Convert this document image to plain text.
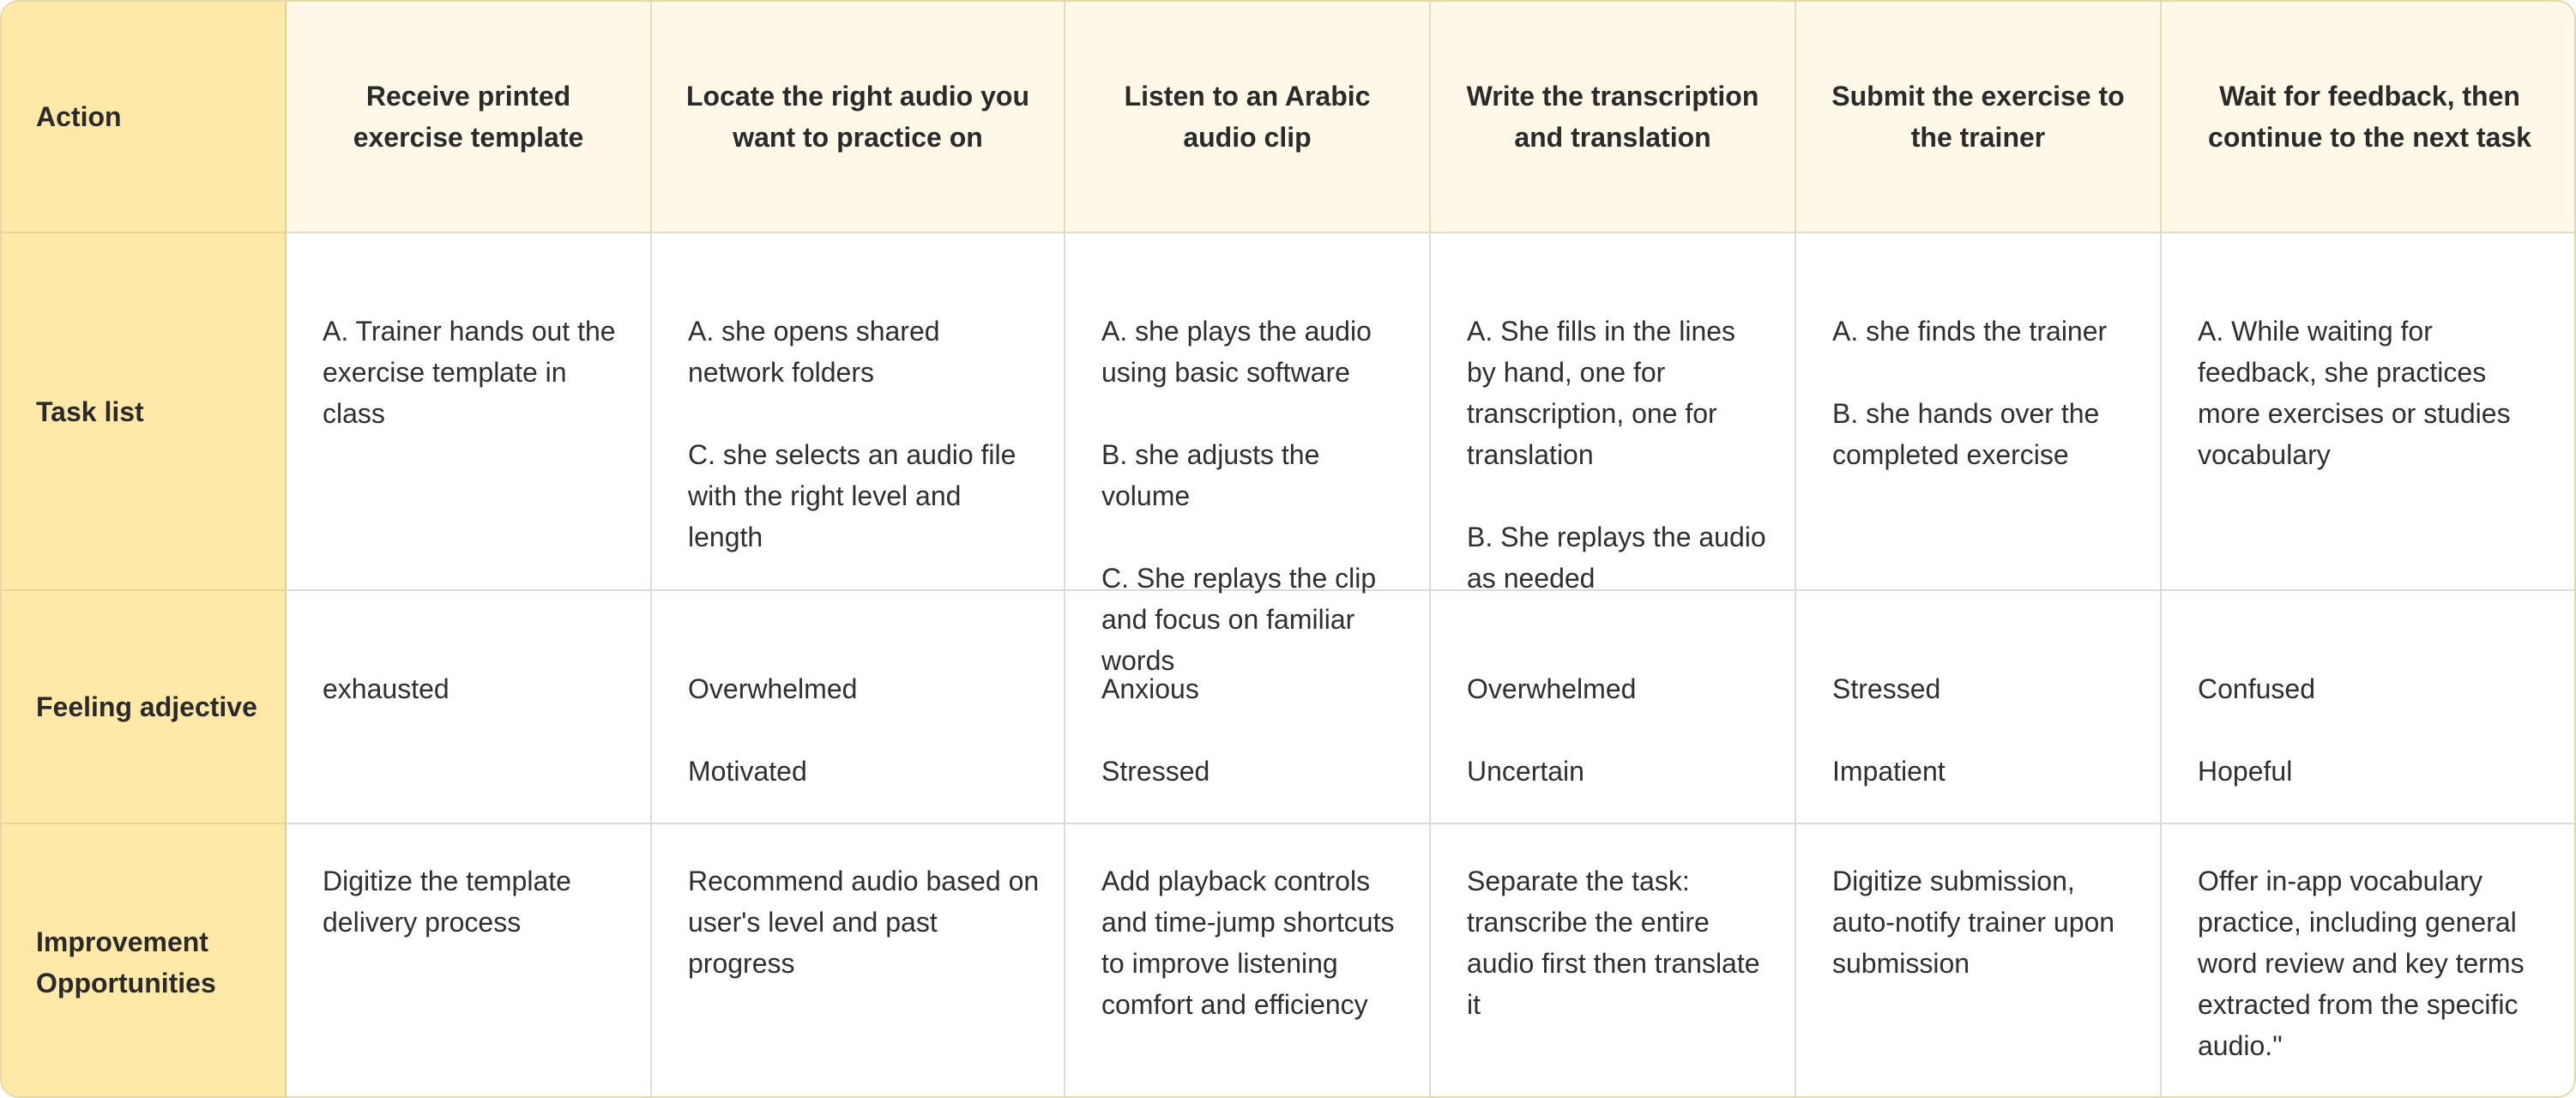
Action
Receive printed exercise template
Locate the right audio you want to practice on
Listen to an Arabic audio clip
Write the transcription and translation
Submit the exercise to the trainer
Wait for feedback, then continue to the next task
Task list

A. Trainer hands out the exercise template in class

A. she opens shared network folders

C. she selects an audio file with the right level and length

A. she plays the audio using basic software

B. she adjusts the volume

C. She replays the clip and focus on familiar words

A. She fills in the lines by hand, one for transcription, one for translation

B. She replays the audio as needed

A. she finds the trainer

B. she hands over the completed exercise

A. While waiting for feedback, she practices more exercises or studies vocabulary

Feeling adjective

exhausted	Overwhelmed

Motivated

Anxious

Stressed

Overwhelmed

Uncertain

Stressed

Impatient

Confused

Hopeful

Improvement Opportunities
Digitize the template delivery process
Recommend audio based on user's level and past progress
Add playback controls and time-jump shortcuts to improve listening comfort and efficiency
Separate the task: transcribe the entire audio first then translate it
Digitize submission, auto-notify trainer upon submission
Offer in-app vocabulary practice, including general word review and key terms extracted from the specific audio."
